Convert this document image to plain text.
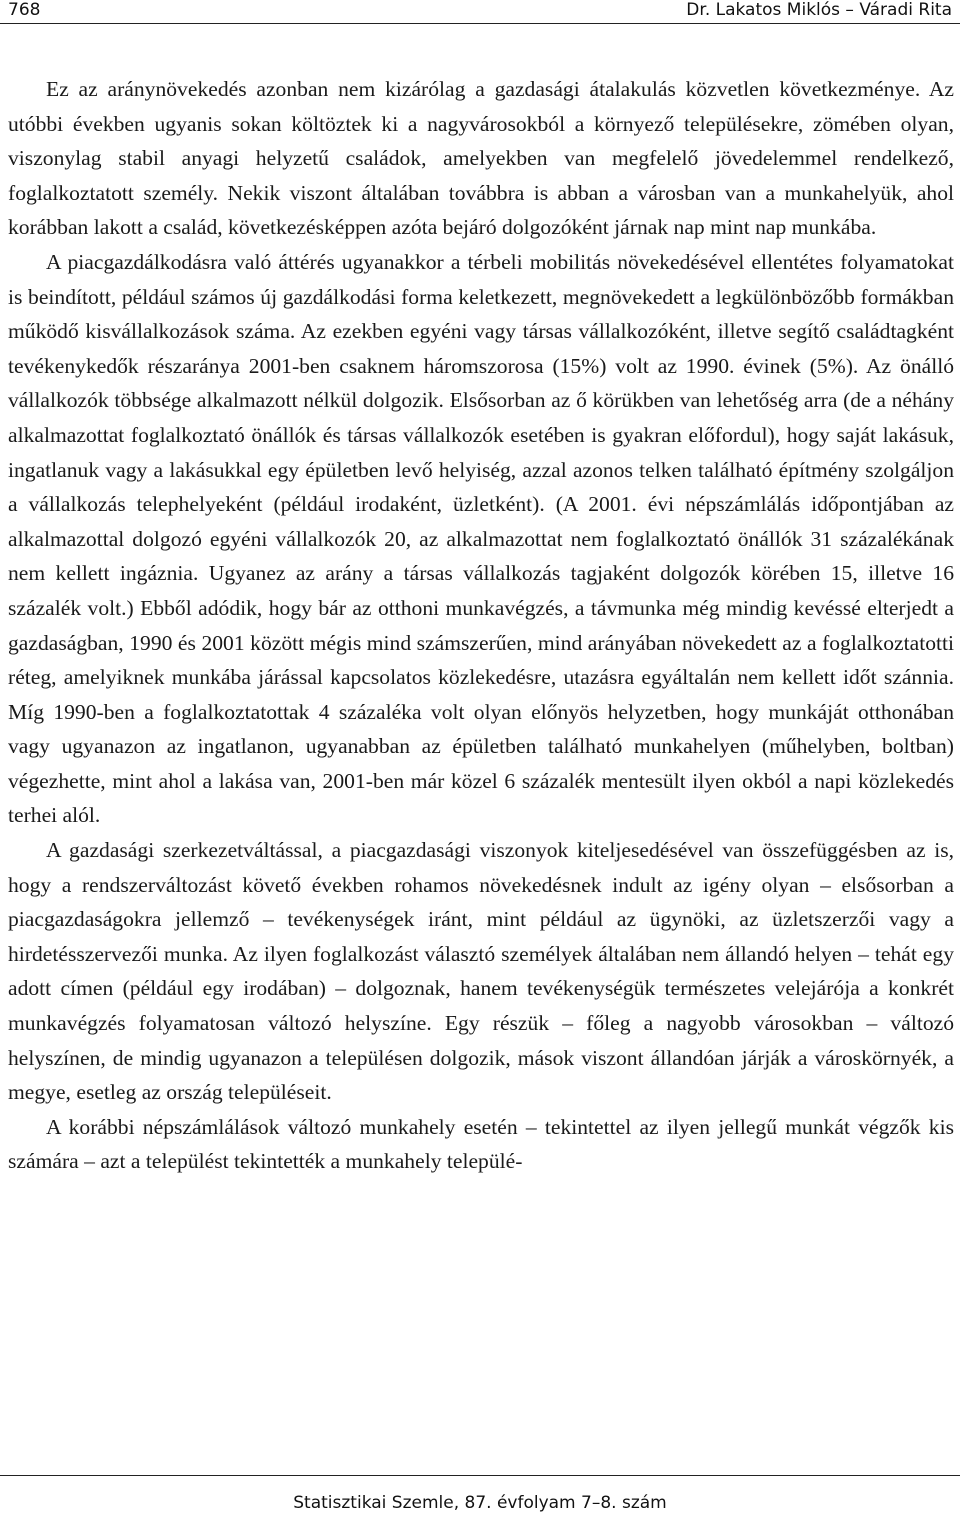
768	Dr. Lakatos Miklós – Váradi Rita

Ez az aránynövekedés azonban nem kizárólag a gazdasági átalakulás közvetlen következménye. Az utóbbi években ugyanis sokan költöztek ki a nagyvárosokból a környező településekre, zömében olyan, viszonylag stabil anyagi helyzetű családok, amelyekben van megfelelő jövedelemmel rendelkező, foglalkoztatott személy. Nekik viszont általában továbbra is abban a városban van a munkahelyük, ahol korábban lakott a család, következésképpen azóta bejáró dolgozóként járnak nap mint nap munkába.

A piacgazdálkodásra való áttérés ugyanakkor a térbeli mobilitás növekedésével ellentétes folyamatokat is beindított, például számos új gazdálkodási forma keletkezett, megnövekedett a legkülönbözőbb formákban működő kisvállalkozások száma. Az ezekben egyéni vagy társas vállalkozóként, illetve segítő családtagként tevékenykedők részaránya 2001-ben csaknem háromszorosa (15%) volt az 1990. évinek (5%). Az önálló vállalkozók többsége alkalmazott nélkül dolgozik. Elsősorban az ő körükben van lehetőség arra (de a néhány alkalmazottat foglalkoztató önállók és társas vállalkozók esetében is gyakran előfordul), hogy saját lakásuk, ingatlanuk vagy a lakásukkal egy épületben levő helyiség, azzal azonos telken található építmény szolgáljon a vállalkozás telephelyeként (például irodaként, üzletként). (A 2001. évi népszámlálás időpontjában az alkalmazottal dolgozó egyéni vállalkozók 20, az alkalmazottat nem foglalkoztató önállók 31 százalékának nem kellett ingáznia. Ugyanez az arány a társas vállalkozás tagjaként dolgozók körében 15, illetve 16 százalék volt.) Ebből adódik, hogy bár az otthoni munkavégzés, a távmunka még mindig kevéssé elterjedt a gazdaságban, 1990 és 2001 között mégis mind számszerűen, mind arányában növekedett az a foglalkoztatotti réteg, amelyiknek munkába járással kapcsolatos közlekedésre, utazásra egyáltalán nem kellett időt szánnia. Míg 1990-ben a foglalkoztatottak 4 százaléka volt olyan előnyös helyzetben, hogy munkáját otthonában vagy ugyanazon az ingatlanon, ugyanabban az épületben található munkahelyen (műhelyben, boltban) végezhette, mint ahol a lakása van, 2001-ben már közel 6 százalék mentesült ilyen okból a napi közlekedés terhei alól.

A gazdasági szerkezetváltással, a piacgazdasági viszonyok kiteljesedésével van összefüggésben az is, hogy a rendszerváltozást követő években rohamos növekedésnek indult az igény olyan – elsősorban a piacgazdaságokra jellemző – tevékenységek iránt, mint például az ügynöki, az üzletszerzői vagy a hirdetésszervezői munka. Az ilyen foglalkozást választó személyek általában nem állandó helyen – tehát egy adott címen (például egy irodában) – dolgoznak, hanem tevékenységük természetes velejárója a konkrét munkavégzés folyamatosan változó helyszíne. Egy részük – főleg a nagyobb városokban – változó helyszínen, de mindig ugyanazon a településen dolgozik, mások viszont állandóan járják a városkörnyék, a megye, esetleg az ország településeit.

A korábbi népszámlálások változó munkahely esetén – tekintettel az ilyen jellegű munkát végzők kis számára – azt a települést tekintették a munkahely települé-

Statisztikai Szemle, 87. évfolyam 7–8. szám
